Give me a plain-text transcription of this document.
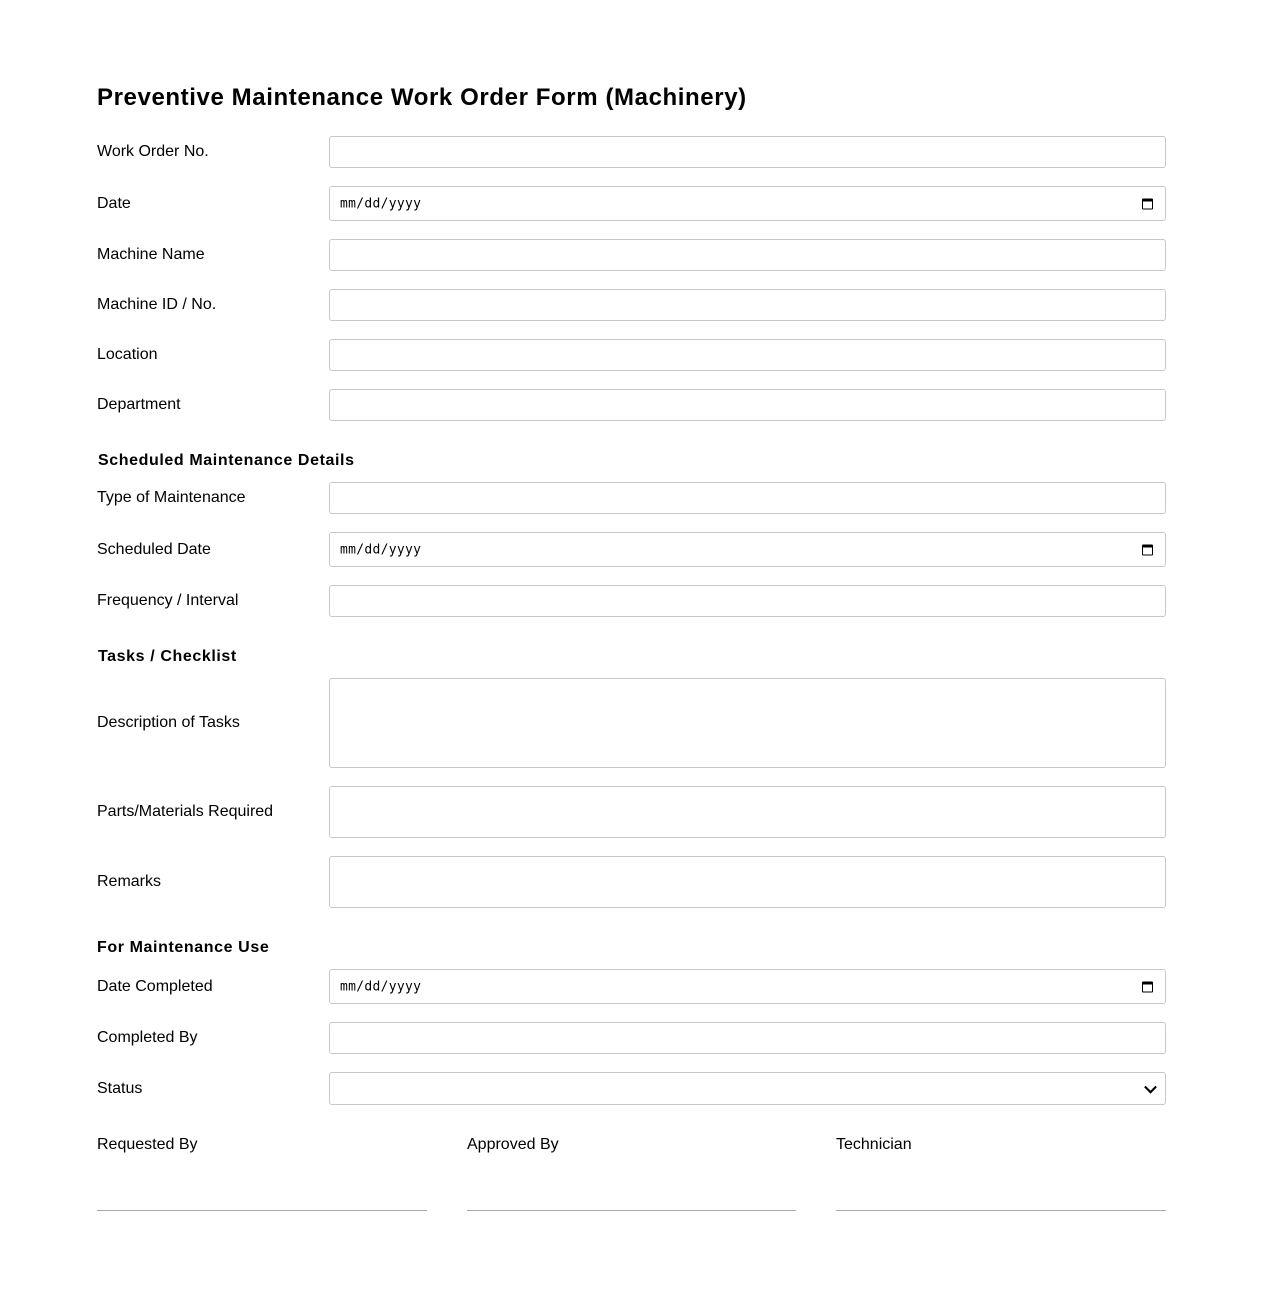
Preventive Maintenance Work Order Form (Machinery)
Work Order No.
Date	mm/dd/yyyy
Machine Name
Machine ID / No.
Location
Department
Scheduled Maintenance Details
Type of Maintenance
Scheduled Date	mm/dd/yyyy
Frequency / Interval
Tasks / Checklist
Description of Tasks
Parts/Materials Required
Remarks
For Maintenance Use
Date Completed	mm/dd/yyyy
Completed By
Status
Requested By	Approved By	Technician
